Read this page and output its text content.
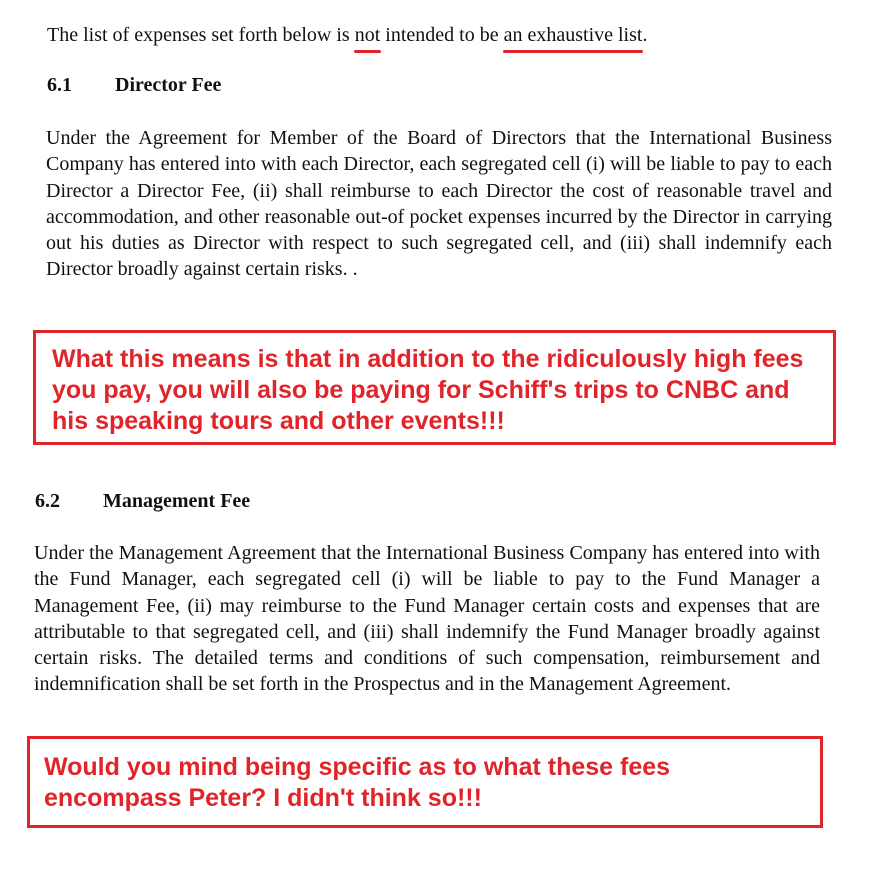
The list of expenses set forth below is not intended to be an exhaustive list.
6.1 Director Fee
Under the Agreement for Member of the Board of Directors that the International Business Company has entered into with each Director, each segregated cell (i) will be liable to pay to each Director a Director Fee, (ii) shall reimburse to each Director the cost of reasonable travel and accommodation, and other reasonable out-of pocket expenses incurred by the Director in carrying out his duties as Director with respect to such segregated cell, and (iii) shall indemnify each Director broadly against certain risks. .
What this means is that in addition to the ridiculously high fees you pay, you will also be paying for Schiff's trips to CNBC and his speaking tours and other events!!!
6.2 Management Fee
Under the Management Agreement that the International Business Company has entered into with the Fund Manager, each segregated cell (i) will be liable to pay to the Fund Manager a Management Fee, (ii) may reimburse to the Fund Manager certain costs and expenses that are attributable to that segregated cell, and (iii) shall indemnify the Fund Manager broadly against certain risks. The detailed terms and conditions of such compensation, reimbursement and indemnification shall be set forth in the Prospectus and in the Management Agreement.
Would you mind being specific as to what these fees encompass Peter? I didn't think so!!!
